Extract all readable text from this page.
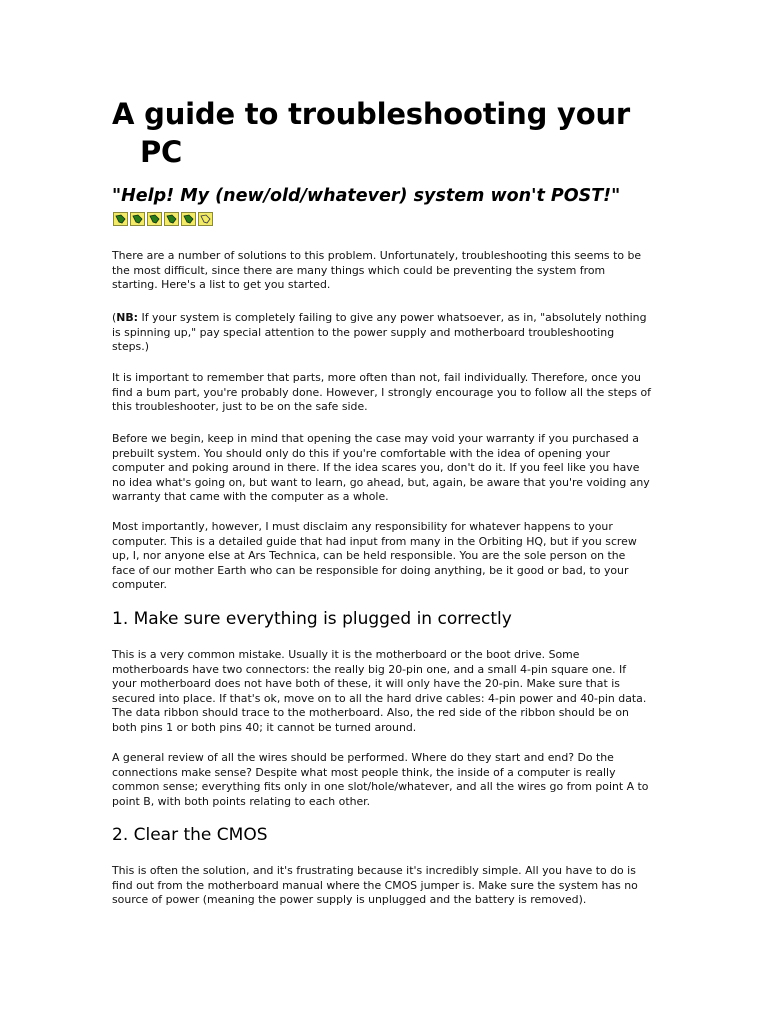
A guide to troubleshooting your
PC
"Help! My (new/old/whatever) system won't POST!"

There are a number of solutions to this problem. Unfortunately, troubleshooting this seems to be the most difficult, since there are many things which could be preventing the system from starting. Here's a list to get you started.

(NB: If your system is completely failing to give any power whatsoever, as in, "absolutely nothing is spinning up," pay special attention to the power supply and motherboard troubleshooting steps.)

It is important to remember that parts, more often than not, fail individually. Therefore, once you find a bum part, you're probably done. However, I strongly encourage you to follow all the steps of this troubleshooter, just to be on the safe side.

Before we begin, keep in mind that opening the case may void your warranty if you purchased a prebuilt system. You should only do this if you're comfortable with the idea of opening your computer and poking around in there. If the idea scares you, don't do it. If you feel like you have no idea what's going on, but want to learn, go ahead, but, again, be aware that you're voiding any warranty that came with the computer as a whole.

Most importantly, however, I must disclaim any responsibility for whatever happens to your computer. This is a detailed guide that had input from many in the Orbiting HQ, but if you screw up, I, nor anyone else at Ars Technica, can be held responsible. You are the sole person on the face of our mother Earth who can be responsible for doing anything, be it good or bad, to your computer.

1. Make sure everything is plugged in correctly

This is a very common mistake. Usually it is the motherboard or the boot drive. Some motherboards have two connectors: the really big 20-pin one, and a small 4-pin square one. If your motherboard does not have both of these, it will only have the 20-pin. Make sure that is secured into place. If that's ok, move on to all the hard drive cables: 4-pin power and 40-pin data. The data ribbon should trace to the motherboard. Also, the red side of the ribbon should be on both pins 1 or both pins 40; it cannot be turned around.

A general review of all the wires should be performed. Where do they start and end? Do the connections make sense? Despite what most people think, the inside of a computer is really common sense; everything fits only in one slot/hole/whatever, and all the wires go from point A to point B, with both points relating to each other.

2. Clear the CMOS

This is often the solution, and it's frustrating because it's incredibly simple. All you have to do is find out from the motherboard manual where the CMOS jumper is. Make sure the system has no source of power (meaning the power supply is unplugged and the battery is removed).
